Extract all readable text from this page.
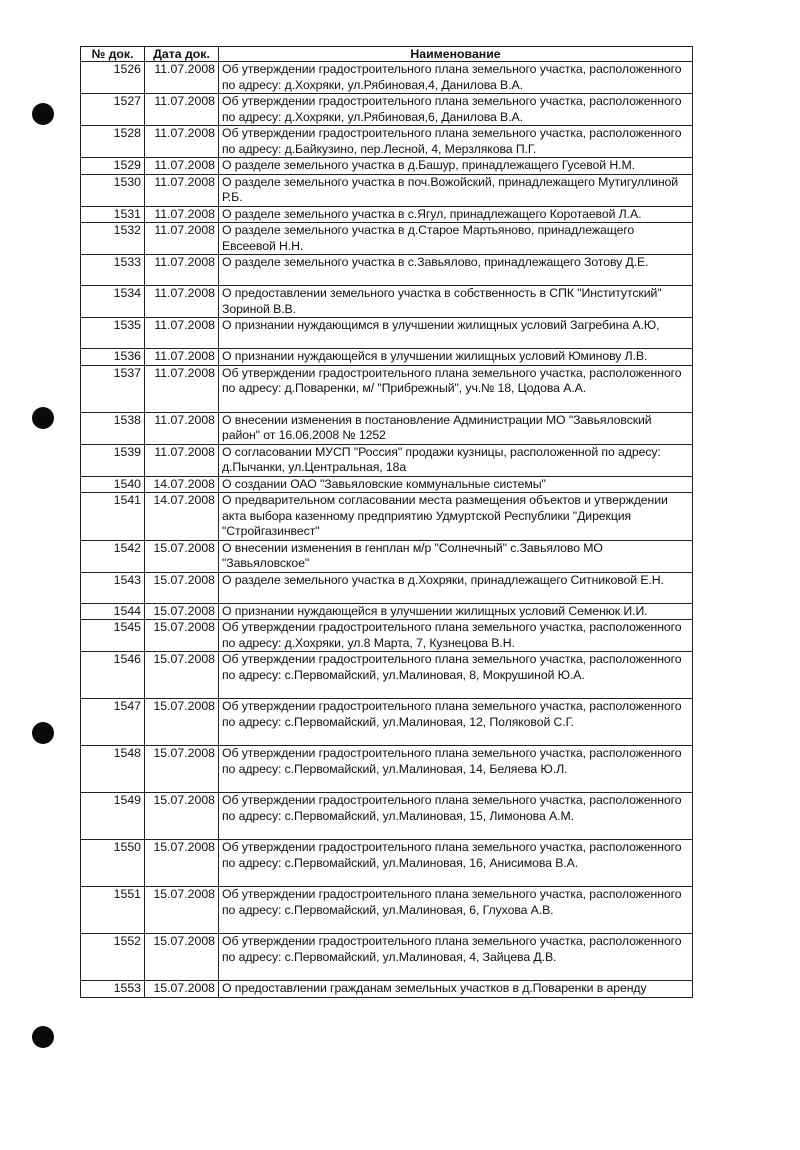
№ док.	Дата док.	Наименование
1526	11.07.2008	Об утверждении градостроительного плана земельного участка, расположенного по адресу: д.Хохряки, ул.Рябиновая,4, Данилова В.А.
1527	11.07.2008	Об утверждении градостроительного плана земельного участка, расположенного по адресу: д.Хохряки, ул.Рябиновая,6, Данилова В.А.
1528	11.07.2008	Об утверждении градостроительного плана земельного участка, расположенного по адресу: д.Байкузино, пер.Лесной, 4, Мерзлякова П.Г.
1529	11.07.2008	О разделе земельного участка в д.Башур, принадлежащего Гусевой Н.М.
1530	11.07.2008	О разделе земельного участка в поч.Вожойский, принадлежащего Мутигуллиной Р.Б.
1531	11.07.2008	О разделе земельного участка в с.Ягул, принадлежащего Коротаевой Л.А.
1532	11.07.2008	О разделе земельного участка в д.Старое Мартьяново, принадлежащего Евсеевой Н.Н.
1533	11.07.2008	О разделе земельного участка в с.Завьялово, принадлежащего Зотову Д.Е.
1534	11.07.2008	О предоставлении земельного участка в собственность в СПК "Институтский" Зориной В.В.
1535	11.07.2008	О признании нуждающимся в улучшении жилищных условий Загребина А.Ю,
1536	11.07.2008	О признании нуждающейся в улучшении жилищных условий Юминову Л.В.
1537	11.07.2008	Об утверждении градостроительного плана земельного участка, расположенного по адресу: д.Поваренки, м/ "Прибрежный", уч.№ 18, Цодова А.А.
1538	11.07.2008	О внесении изменения в постановление Администрации МО "Завьяловский район" от 16.06.2008 № 1252
1539	11.07.2008	О согласовании МУСП "Россия" продажи кузницы, расположенной по адресу: д.Пычанки, ул.Центральная, 18а
1540	14.07.2008	О создании ОАО "Завьяловские коммунальные системы"
1541	14.07.2008	О предварительном согласовании места размещения объектов и утверждении акта выбора казенному предприятию Удмуртской Республики "Дирекция "Стройгазинвест"
1542	15.07.2008	О внесении изменения в генплан м/р "Солнечный" с.Завьялово МО "Завьяловское"
1543	15.07.2008	О разделе земельного участка в д.Хохряки, принадлежащего Ситниковой Е.Н.
1544	15.07.2008	О признании нуждающейся в улучшении жилищных условий Семенюк И.И.
1545	15.07.2008	Об утверждении градостроительного плана земельного участка, расположенного по адресу: д.Хохряки, ул.8 Марта, 7, Кузнецова В.Н.
1546	15.07.2008	Об утверждении градостроительного плана земельного участка, расположенного по адресу: с.Первомайский, ул.Малиновая, 8, Мокрушиной Ю.А.
1547	15.07.2008	Об утверждении градостроительного плана земельного участка, расположенного по адресу: с.Первомайский, ул.Малиновая, 12, Поляковой С.Г.
1548	15.07.2008	Об утверждении градостроительного плана земельного участка, расположенного по адресу: с.Первомайский, ул.Малиновая, 14, Беляева Ю.Л.
1549	15.07.2008	Об утверждении градостроительного плана земельного участка, расположенного по адресу: с.Первомайский, ул.Малиновая, 15, Лимонова А.М.
1550	15.07.2008	Об утверждении градостроительного плана земельного участка, расположенного по адресу: с.Первомайский, ул.Малиновая, 16, Анисимова В.А.
1551	15.07.2008	Об утверждении градостроительного плана земельного участка, расположенного по адресу: с.Первомайский, ул.Малиновая, 6, Глухова А.В.
1552	15.07.2008	Об утверждении градостроительного плана земельного участка, расположенного по адресу: с.Первомайский, ул.Малиновая, 4, Зайцева Д.В.
1553	15.07.2008	О предоставлении гражданам земельных участков в д.Поваренки в аренду
